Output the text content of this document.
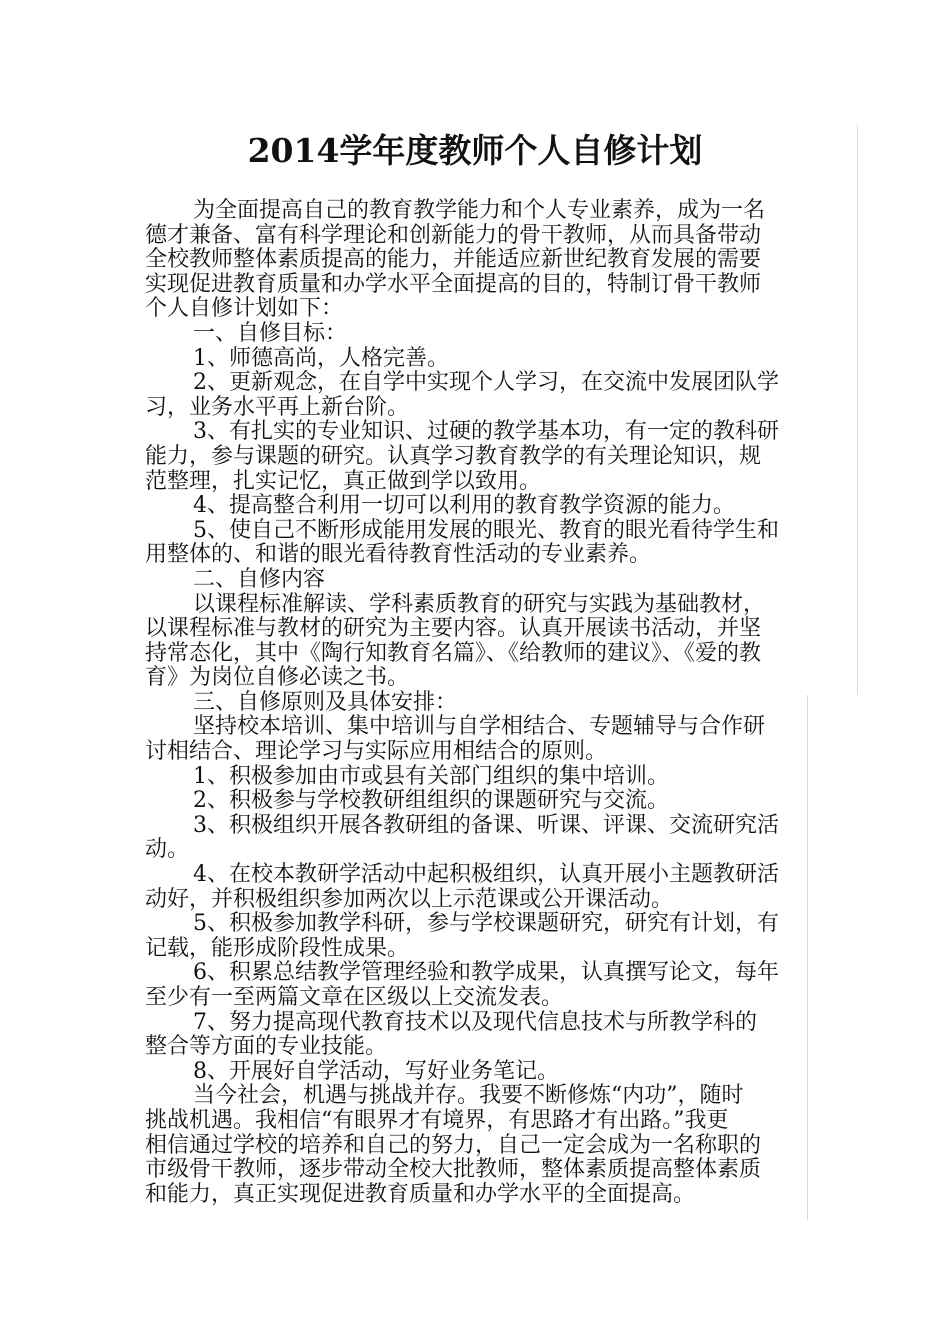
2014学年度教师个人自修计划
为全面提高自己的教育教学能力和个人专业素养，成为一名
德才兼备、富有科学理论和创新能力的骨干教师，从而具备带动
全校教师整体素质提高的能力，并能适应新世纪教育发展的需要
实现促进教育质量和办学水平全面提高的目的，特制订骨干教师
个人自修计划如下：
一、自修目标：
1、师德高尚，人格完善。
2、更新观念，在自学中实现个人学习，在交流中发展团队学
习，业务水平再上新台阶。
3、有扎实的专业知识、过硬的教学基本功，有一定的教科研
能力，参与课题的研究。认真学习教育教学的有关理论知识，规
范整理，扎实记忆，真正做到学以致用。
4、提高整合利用一切可以利用的教育教学资源的能力。
5、使自己不断形成能用发展的眼光、教育的眼光看待学生和
用整体的、和谐的眼光看待教育性活动的专业素养。
二、自修内容
以课程标准解读、学科素质教育的研究与实践为基础教材，
以课程标准与教材的研究为主要内容。认真开展读书活动，并坚
持常态化，其中《陶行知教育名篇》、《给教师的建议》、《爱的教
育》为岗位自修必读之书。
三、自修原则及具体安排：
坚持校本培训、集中培训与自学相结合、专题辅导与合作研
讨相结合、理论学习与实际应用相结合的原则。
1、积极参加由市或县有关部门组织的集中培训。
2、积极参与学校教研组组织的课题研究与交流。
3、积极组织开展各教研组的备课、听课、评课、交流研究活
动。
4、在校本教研学活动中起积极组织，认真开展小主题教研活
动好，并积极组织参加两次以上示范课或公开课活动。
5、积极参加教学科研，参与学校课题研究，研究有计划，有
记载，能形成阶段性成果。
6、积累总结教学管理经验和教学成果，认真撰写论文，每年
至少有一至两篇文章在区级以上交流发表。
7、努力提高现代教育技术以及现代信息技术与所教学科的
整合等方面的专业技能。
8、开展好自学活动，写好业务笔记。
当今社会，机遇与挑战并存。我要不断修炼“内功”，随时
挑战机遇。我相信“有眼界才有境界，有思路才有出路。”我更
相信通过学校的培养和自己的努力，自己一定会成为一名称职的
市级骨干教师，逐步带动全校大批教师，整体素质提高整体素质
和能力，真正实现促进教育质量和办学水平的全面提高。
